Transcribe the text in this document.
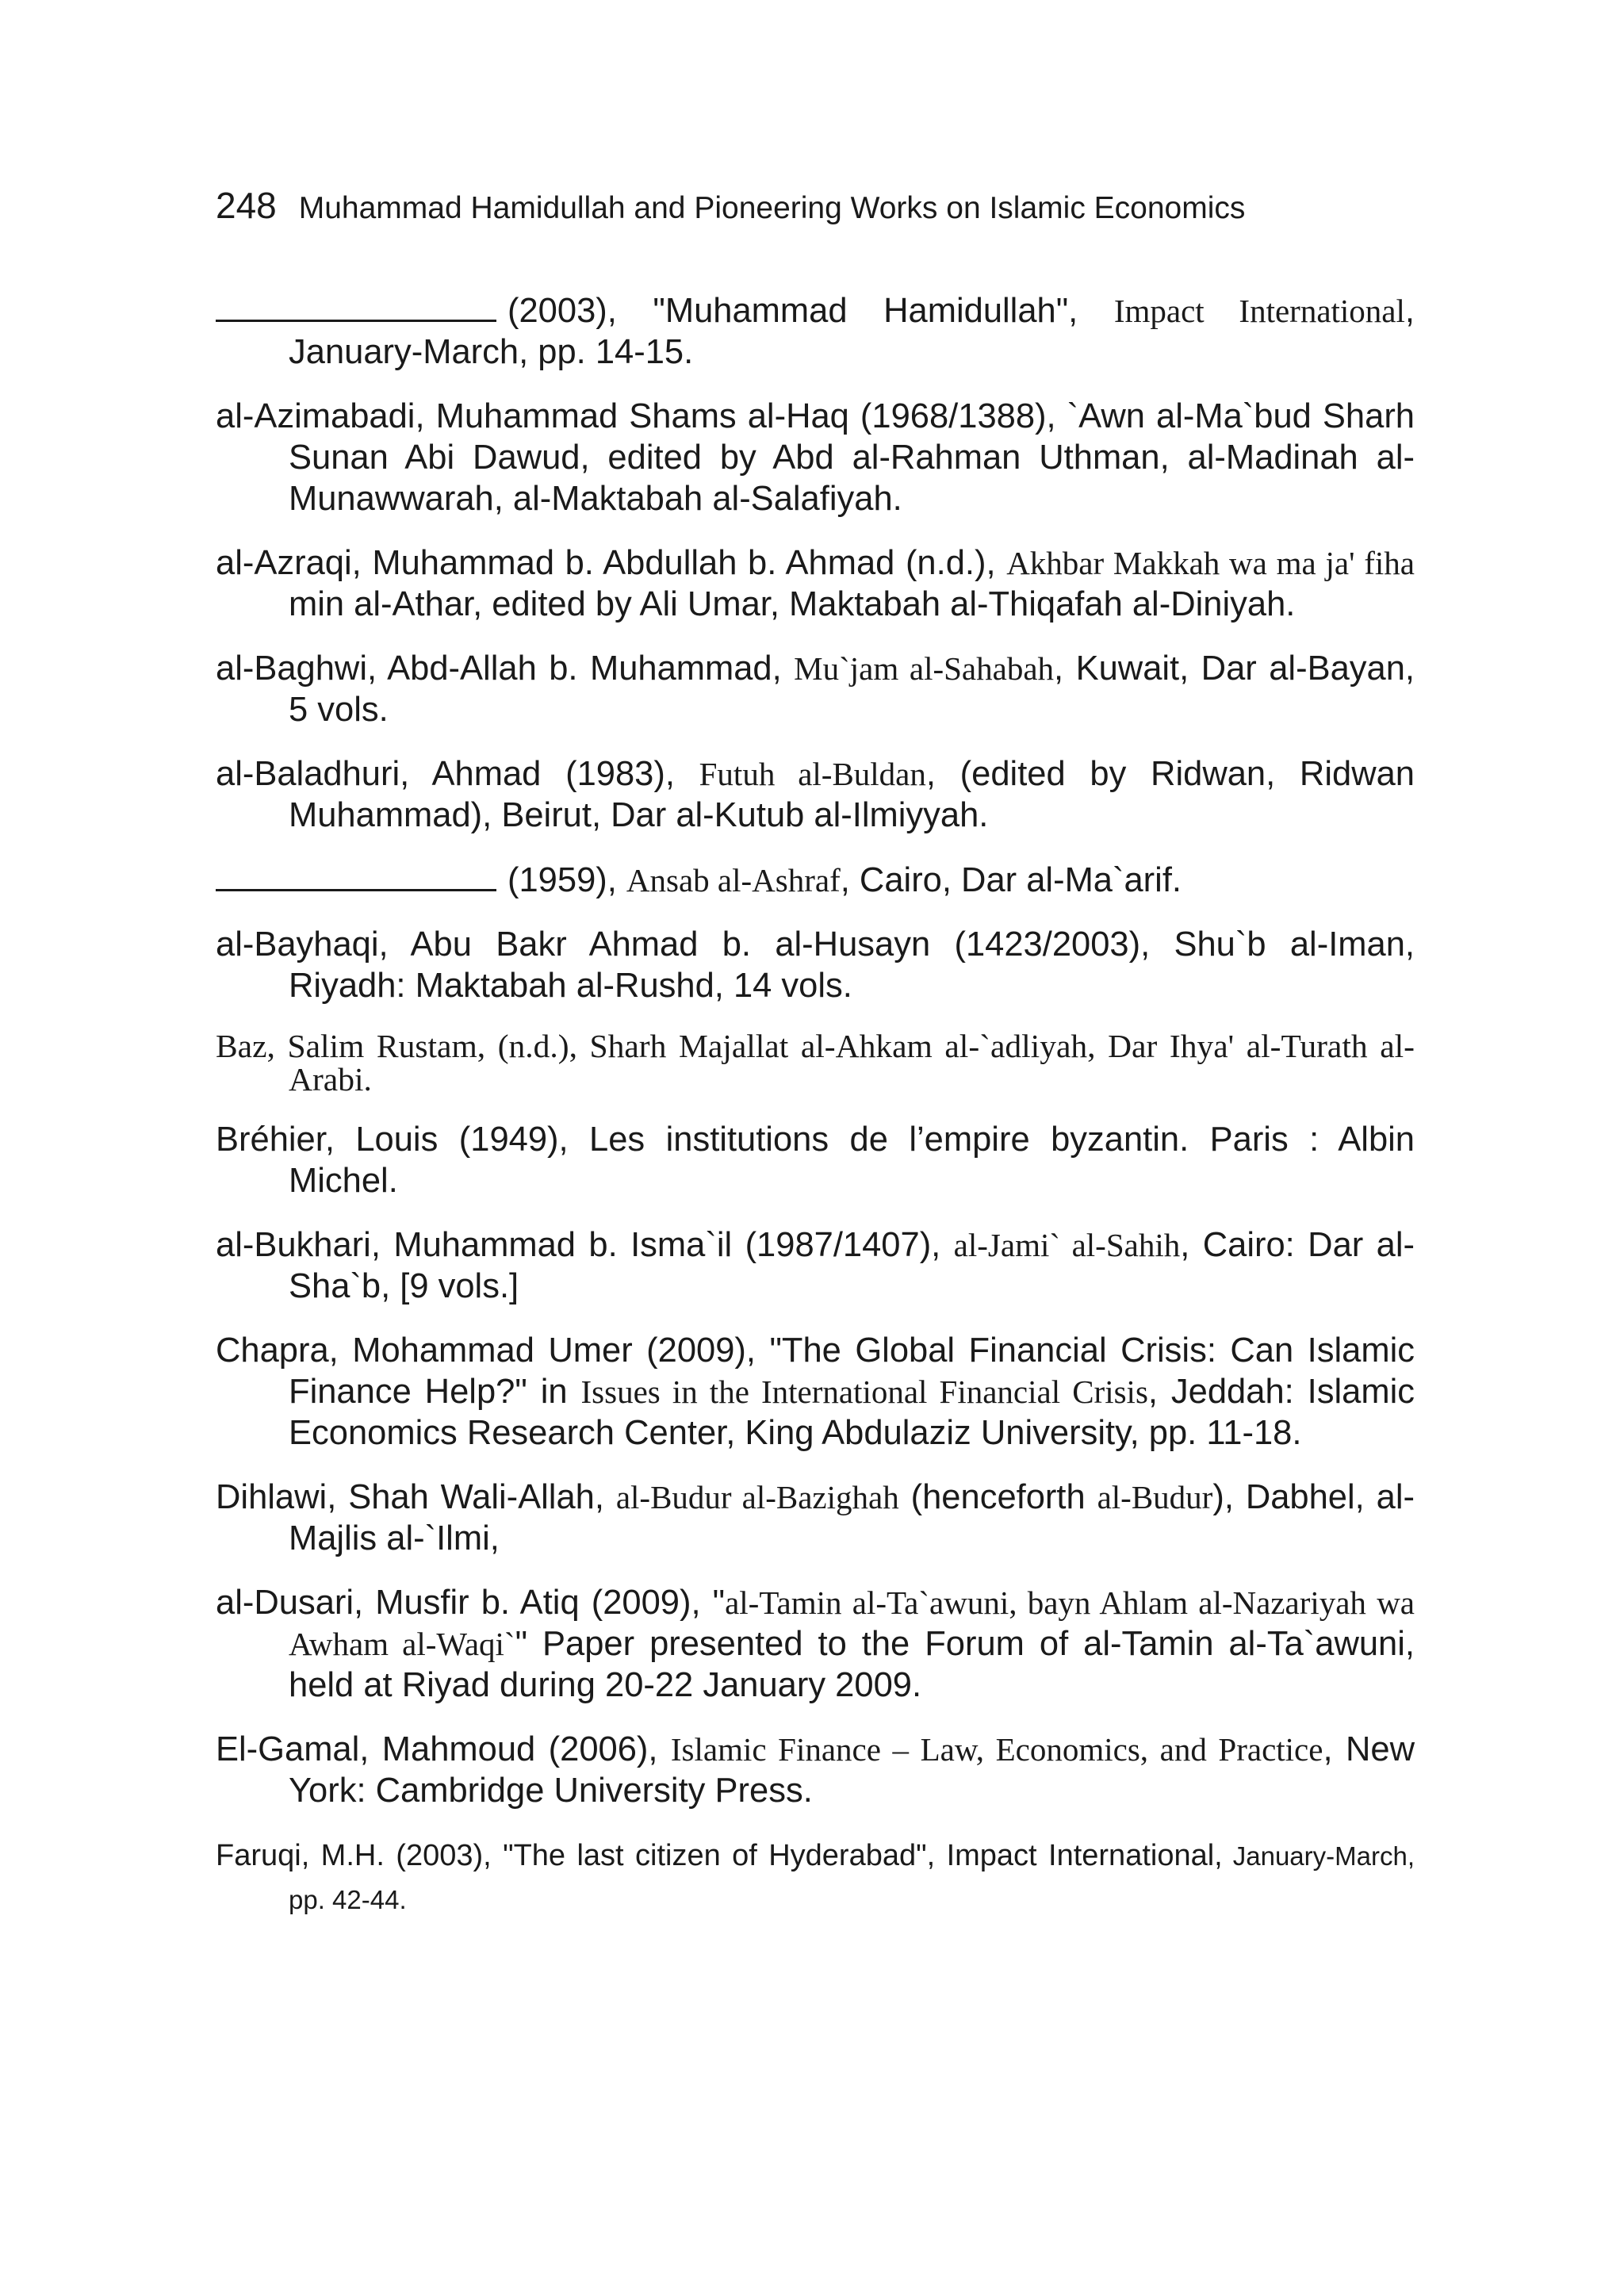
248 Muhammad Hamidullah and Pioneering Works on Islamic Economics

(2003), "Muhammad Hamidullah", Impact International, January-March, pp. 14-15.

al-Azimabadi, Muhammad Shams al-Haq (1968/1388), `Awn al-Ma`bud Sharh Sunan Abi Dawud, edited by Abd al-Rahman Uthman, al-Madinah al-Munawwarah, al-Maktabah al-Salafiyah.

al-Azraqi, Muhammad b. Abdullah b. Ahmad (n.d.), Akhbar Makkah wa ma ja' fiha min al-Athar, edited by Ali Umar, Maktabah al-Thiqafah al-Diniyah.

al-Baghwi, Abd-Allah b. Muhammad, Mu`jam al-Sahabah, Kuwait, Dar al-Bayan, 5 vols.

al-Baladhuri, Ahmad (1983), Futuh al-Buldan, (edited by Ridwan, Ridwan Muhammad), Beirut, Dar al-Kutub al-Ilmiyyah.

(1959), Ansab al-Ashraf, Cairo, Dar al-Ma`arif.

al-Bayhaqi, Abu Bakr Ahmad b. al-Husayn (1423/2003), Shu`b al-Iman, Riyadh: Maktabah al-Rushd, 14 vols.

Baz, Salim Rustam, (n.d.), Sharh Majallat al-Ahkam al-`adliyah, Dar Ihya' al-Turath al-Arabi.

Bréhier, Louis (1949), Les institutions de l’empire byzantin. Paris : Albin Michel.

al-Bukhari, Muhammad b. Isma`il (1987/1407), al-Jami` al-Sahih, Cairo: Dar al-Sha`b, [9 vols.]

Chapra, Mohammad Umer (2009), "The Global Financial Crisis: Can Islamic Finance Help?" in Issues in the International Financial Crisis, Jeddah: Islamic Economics Research Center, King Abdulaziz University, pp. 11-18.

Dihlawi, Shah Wali-Allah, al-Budur al-Bazighah (henceforth al-Budur), Dabhel, al-Majlis al-`Ilmi,

al-Dusari, Musfir b. Atiq (2009), "al-Tamin al-Ta`awuni, bayn Ahlam al-Nazariyah wa Awham al-Waqi`" Paper presented to the Forum of al-Tamin al-Ta`awuni, held at Riyad during 20-22 January 2009.

El-Gamal, Mahmoud (2006), Islamic Finance – Law, Economics, and Practice, New York: Cambridge University Press.

Faruqi, M.H. (2003), "The last citizen of Hyderabad", Impact International, January-March, pp. 42-44.
